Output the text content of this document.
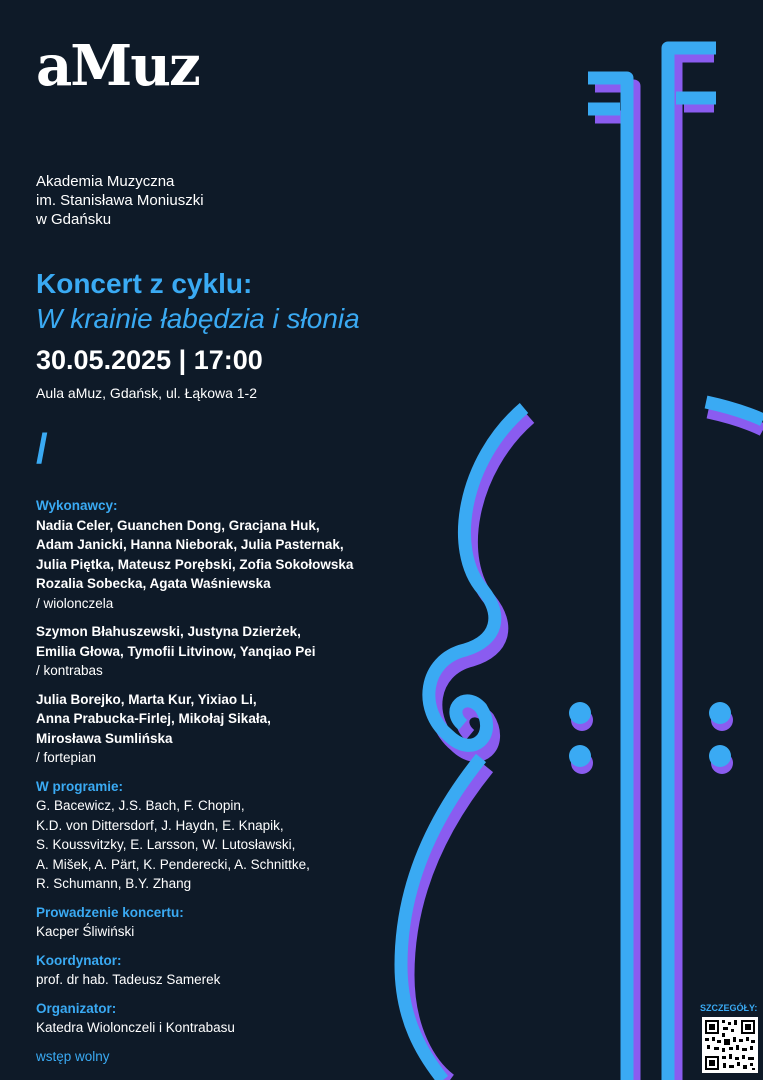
aMuz
Akademia Muzyczna
im. Stanisława Moniuszki
w Gdańsku
Koncert z cyklu:
W krainie łabędzia i słonia
30.05.2025 | 17:00
Aula aMuz, Gdańsk, ul. Łąkowa 1-2
/
Wykonawcy:
Nadia Celer, Guanchen Dong, Gracjana Huk,
Adam Janicki, Hanna Nieborak, Julia Pasternak,
Julia Piętka, Mateusz Porębski, Zofia Sokołowska
Rozalia Sobecka, Agata Waśniewska
/ wiolonczela
Szymon Błahuszewski, Justyna Dzierżek,
Emilia Głowa, Tymofii Litvinow, Yanqiao Pei
/ kontrabas
Julia Borejko, Marta Kur, Yixiao Li,
Anna Prabucka-Firlej, Mikołaj Sikała,
Mirosława Sumlińska
/ fortepian
W programie:
G. Bacewicz, J.S. Bach, F. Chopin,
K.D. von Dittersdorf, J. Haydn, E. Knapik,
S. Koussvitzky, E. Larsson, W. Lutosławski,
A. Mišek, A. Pärt, K. Penderecki, A. Schnittke,
R. Schumann, B.Y. Zhang
Prowadzenie koncertu:
Kacper Śliwiński
Koordynator:
prof. dr hab. Tadeusz Samerek
Organizator:
Katedra Wiolonczeli i Kontrabasu
wstęp wolny
SZCZEGÓŁY:
